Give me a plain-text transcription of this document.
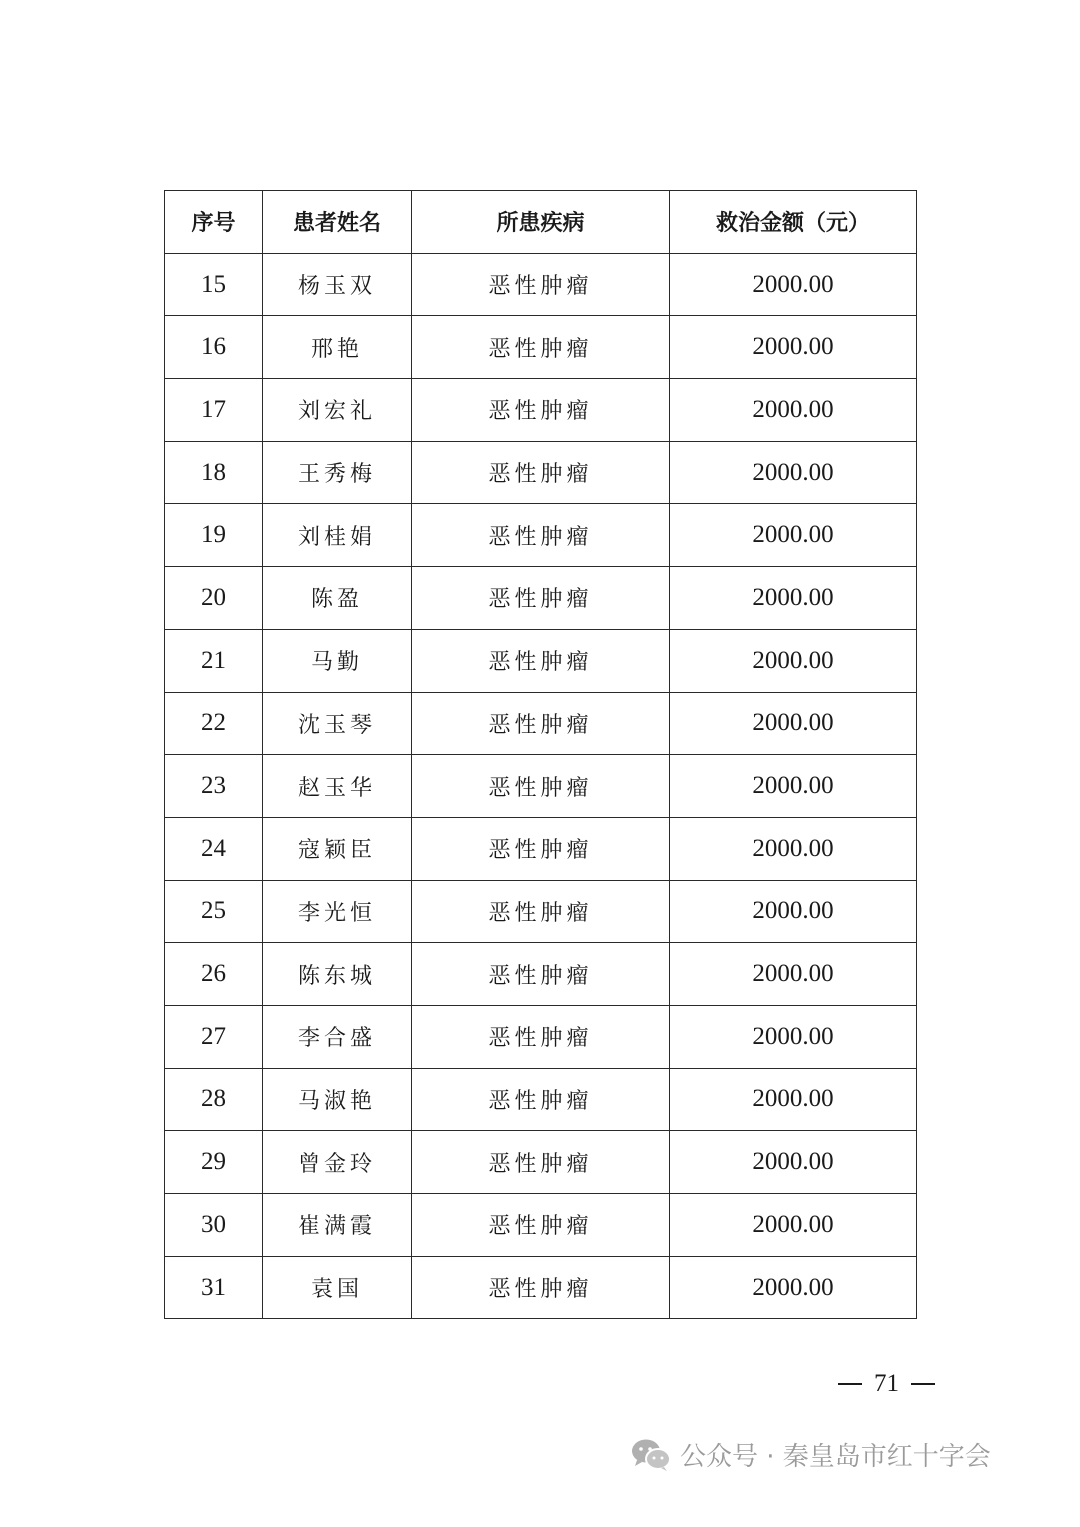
序号	患者姓名	所患疾病	救治金额（元）
15	杨玉双	恶性肿瘤	2000.00
16	邢艳	恶性肿瘤	2000.00
17	刘宏礼	恶性肿瘤	2000.00
18	王秀梅	恶性肿瘤	2000.00
19	刘桂娟	恶性肿瘤	2000.00
20	陈盈	恶性肿瘤	2000.00
21	马勤	恶性肿瘤	2000.00
22	沈玉琴	恶性肿瘤	2000.00
23	赵玉华	恶性肿瘤	2000.00
24	寇颖臣	恶性肿瘤	2000.00
25	李光恒	恶性肿瘤	2000.00
26	陈东城	恶性肿瘤	2000.00
27	李合盛	恶性肿瘤	2000.00
28	马淑艳	恶性肿瘤	2000.00
29	曾金玲	恶性肿瘤	2000.00
30	崔满霞	恶性肿瘤	2000.00
31	袁国	恶性肿瘤	2000.00
71
公众号 · 秦皇岛市红十字会
